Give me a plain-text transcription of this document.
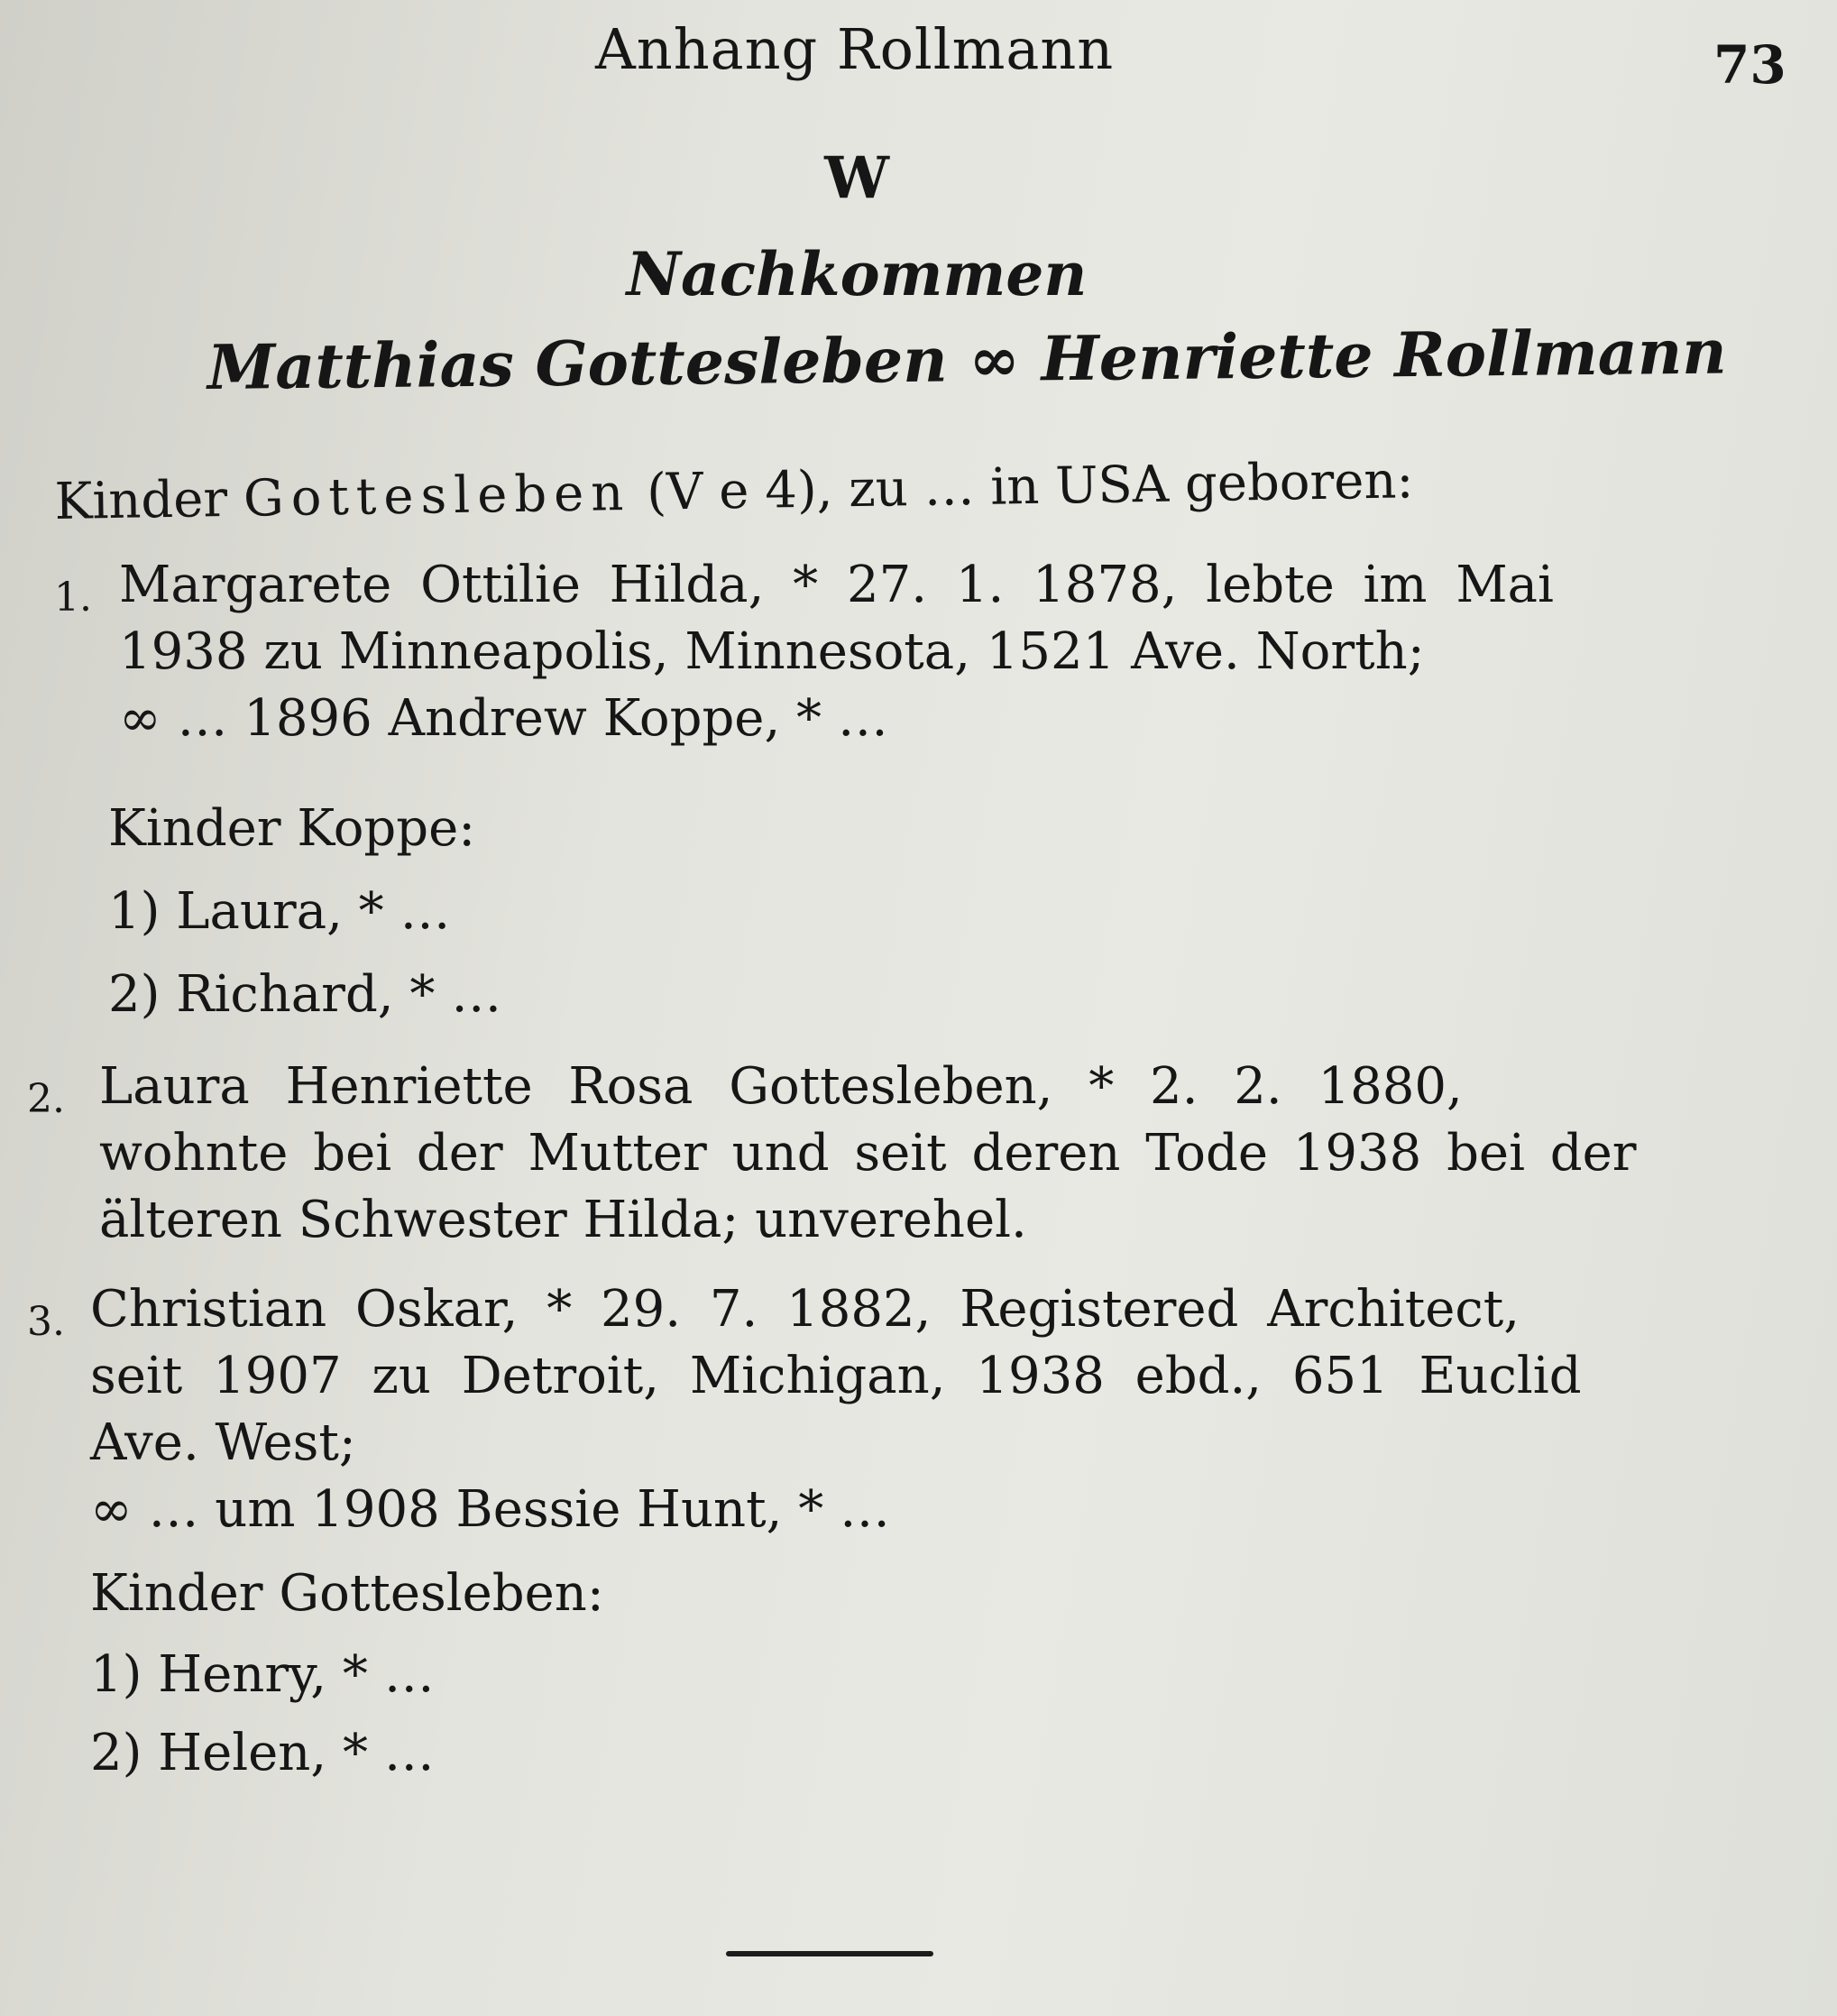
Anhang Rollmann	73
W
Nachkommen
Matthias Gottesleben ∞ Henriette Rollmann
Kinder Gottesleben (V e 4), zu … in USA geboren:
1. Margarete Ottilie Hilda, * 27. 1. 1878, lebte im Mai
1938 zu Minneapolis, Minnesota, 1521 Ave. North;
∞ … 1896 Andrew Koppe, * …
Kinder Koppe:
1) Laura, * …
2) Richard, * …
2. Laura Henriette Rosa Gottesleben, * 2. 2. 1880,
wohnte bei der Mutter und seit deren Tode 1938 bei der
älteren Schwester Hilda; unverehel.
3. Christian Oskar, * 29. 7. 1882, Registered Architect,
seit 1907 zu Detroit, Michigan, 1938 ebd., 651 Euclid
Ave. West;
∞ … um 1908 Bessie Hunt, * …
Kinder Gottesleben:
1) Henry, * …
2) Helen, * …
